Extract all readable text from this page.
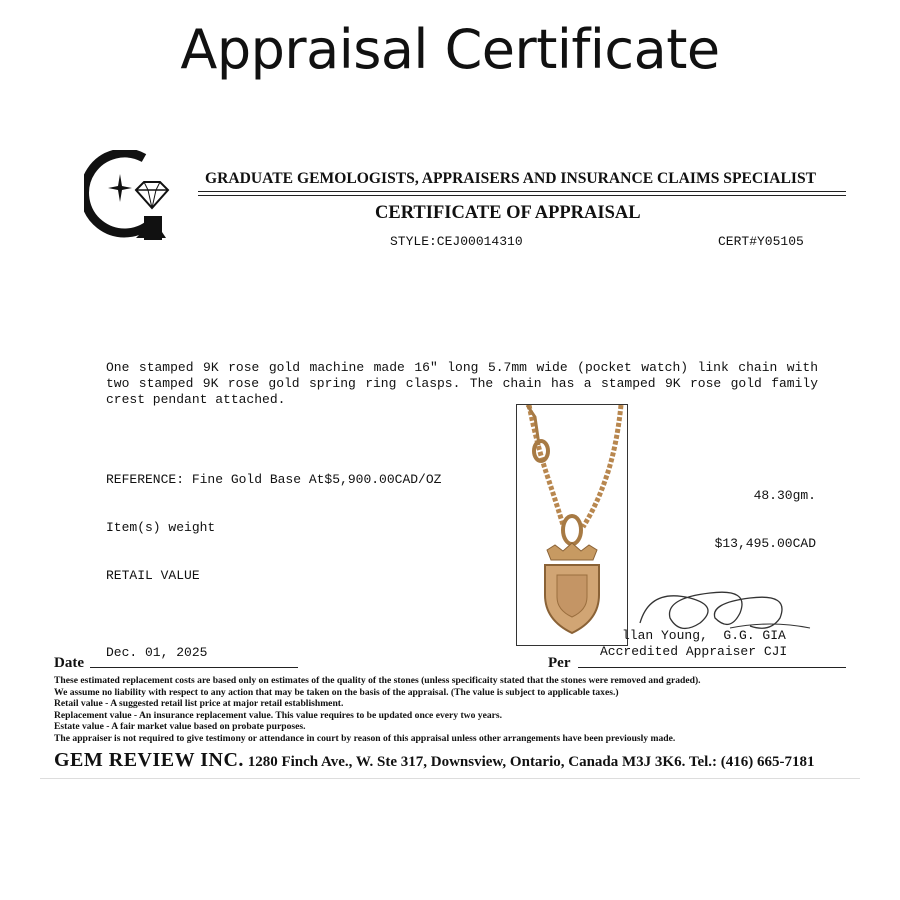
Appraisal Certificate
GRADUATE GEMOLOGISTS, APPRAISERS AND INSURANCE CLAIMS SPECIALIST
CERTIFICATE OF APPRAISAL
STYLE:CEJ00014310	CERT#Y05105
One stamped 9K rose gold machine made 16" long 5.7mm wide (pocket watch) link chain with two stamped 9K rose gold spring ring clasps. The chain has a stamped 9K rose gold family crest pendant attached.

REFERENCE: Fine Gold Base At$5,900.00CAD/OZ

Item(s) weight

RETAIL VALUE

48.30gm.

$13,495.00CAD

llan Young,  G.G. GIA
Accredited Appraiser CJI
Date
Dec. 01, 2025
Per
These estimated replacement costs are based only on estimates of the quality of the stones (unless specificaity stated that the stones were removed and graded).
We assume no liability with respect to any action that may be taken on the basis of the appraisal. (The value is subject to applicable taxes.)
Retail value - A suggested retail list price at major retail establishment.
Replacement value - An insurance replacement value. This value requires to be updated once every two years.
Estate value - A fair market value based on probate purposes.
The appraiser is not required to give testimony or attendance in court by reason of this appraisal unless other arrangements have been previously made.
GEM REVIEW INC. 1280 Finch Ave., W. Ste 317, Downsview, Ontario, Canada M3J 3K6. Tel.: (416) 665-7181
